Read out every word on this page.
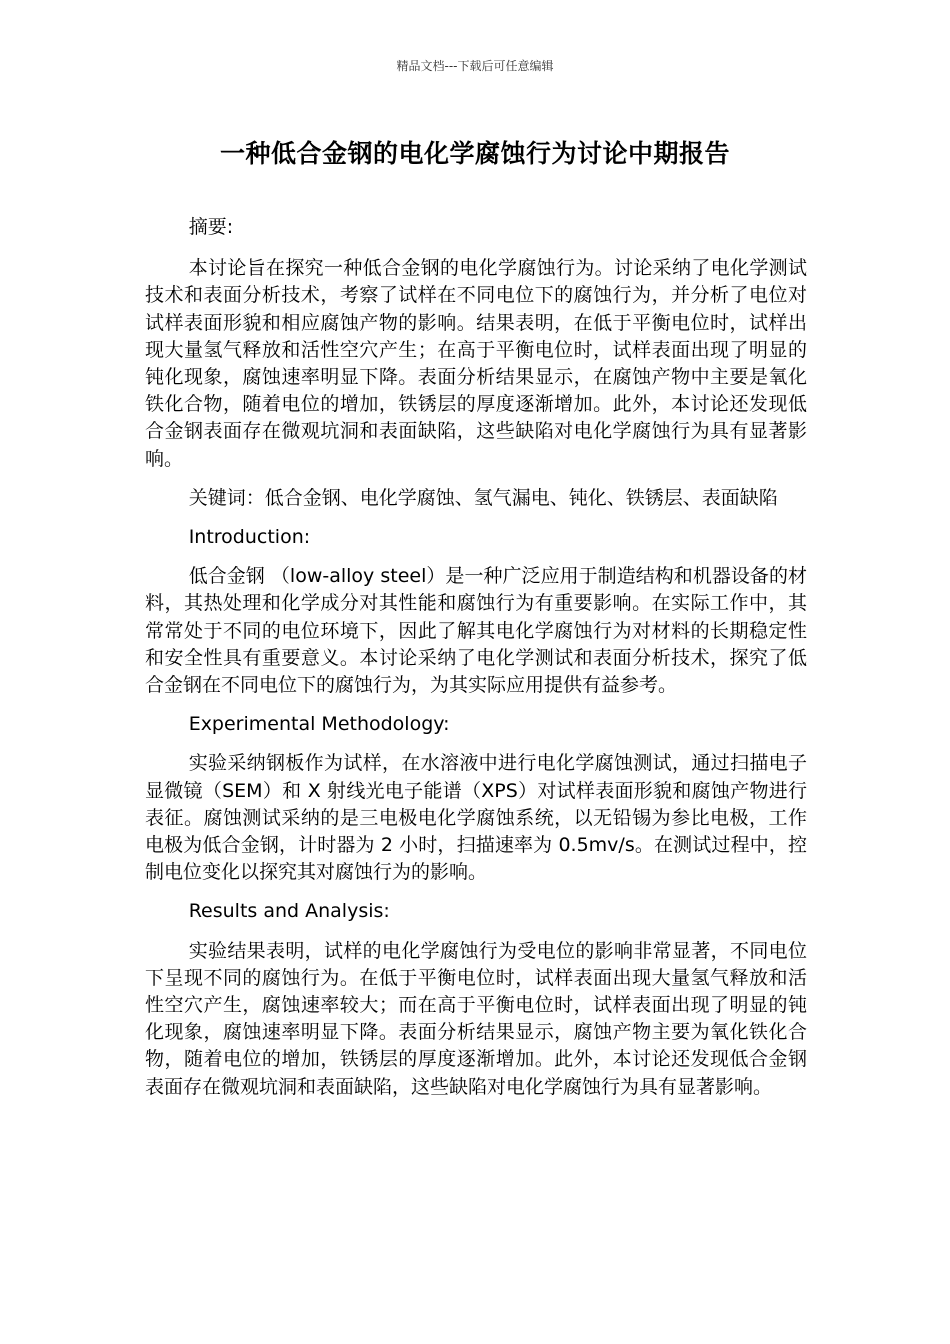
精品文档---下载后可任意编辑
一种低合金钢的电化学腐蚀行为讨论中期报告

摘要:

本讨论旨在探究一种低合金钢的电化学腐蚀行为。讨论采纳了电化学测试技术和表面分析技术，考察了试样在不同电位下的腐蚀行为，并分析了电位对试样表面形貌和相应腐蚀产物的影响。结果表明，在低于平衡电位时，试样出现大量氢气释放和活性空穴产生；在高于平衡电位时，试样表面出现了明显的钝化现象，腐蚀速率明显下降。表面分析结果显示，在腐蚀产物中主要是氧化铁化合物，随着电位的增加，铁锈层的厚度逐渐增加。此外，本讨论还发现低合金钢表面存在微观坑洞和表面缺陷，这些缺陷对电化学腐蚀行为具有显著影响。

关键词：低合金钢、电化学腐蚀、氢气漏电、钝化、铁锈层、表面缺陷

Introduction:

低合金钢 （low-alloy steel）是一种广泛应用于制造结构和机器设备的材料，其热处理和化学成分对其性能和腐蚀行为有重要影响。在实际工作中，其常常处于不同的电位环境下，因此了解其电化学腐蚀行为对材料的长期稳定性和安全性具有重要意义。本讨论采纳了电化学测试和表面分析技术，探究了低合金钢在不同电位下的腐蚀行为，为其实际应用提供有益参考。

Experimental Methodology:

实验采纳钢板作为试样，在水溶液中进行电化学腐蚀测试，通过扫描电子显微镜（SEM）和 X 射线光电子能谱（XPS）对试样表面形貌和腐蚀产物进行表征。腐蚀测试采纳的是三电极电化学腐蚀系统，以无铅锡为参比电极，工作电极为低合金钢，计时器为 2 小时，扫描速率为 0.5mv/s。在测试过程中，控制电位变化以探究其对腐蚀行为的影响。

Results and Analysis:

实验结果表明，试样的电化学腐蚀行为受电位的影响非常显著，不同电位下呈现不同的腐蚀行为。在低于平衡电位时，试样表面出现大量氢气释放和活性空穴产生，腐蚀速率较大；而在高于平衡电位时，试样表面出现了明显的钝化现象，腐蚀速率明显下降。表面分析结果显示，腐蚀产物主要为氧化铁化合物，随着电位的增加，铁锈层的厚度逐渐增加。此外，本讨论还发现低合金钢表面存在微观坑洞和表面缺陷，这些缺陷对电化学腐蚀行为具有显著影响。
